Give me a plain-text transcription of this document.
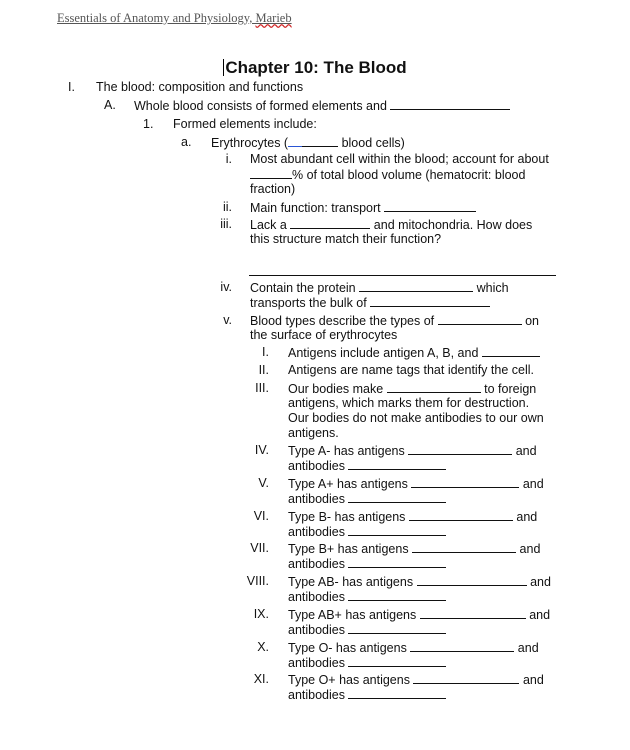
Essentials of Anatomy and Physiology, Marieb
Chapter 10: The Blood
I. The blood: composition and functions
A. Whole blood consists of formed elements and
1. Formed elements include:
a. Erythrocytes (	blood cells)
i. Most abundant cell within the blood; account for about
% of total blood volume (hematocrit: blood
fraction)
ii. Main function: transport
iii. Lack a	and mitochondria. How does
this structure match their function?
iv. Contain the protein	which
transports the bulk of
v. Blood types describe the types of	on
the surface of erythrocytes
I. Antigens include antigen A, B, and
II. Antigens are name tags that identify the cell.
III. Our bodies make	to foreign
antigens, which marks them for destruction.
Our bodies do not make antibodies to our own
antigens.
IV. Type A- has antigens	and
antibodies
V. Type A+ has antigens	and
antibodies
VI. Type B- has antigens	and
antibodies
VII. Type B+ has antigens	and
antibodies
VIII. Type AB- has antigens	and
antibodies
IX. Type AB+ has antigens	and
antibodies
X. Type O- has antigens	and
antibodies
XI. Type O+ has antigens	and
antibodies
